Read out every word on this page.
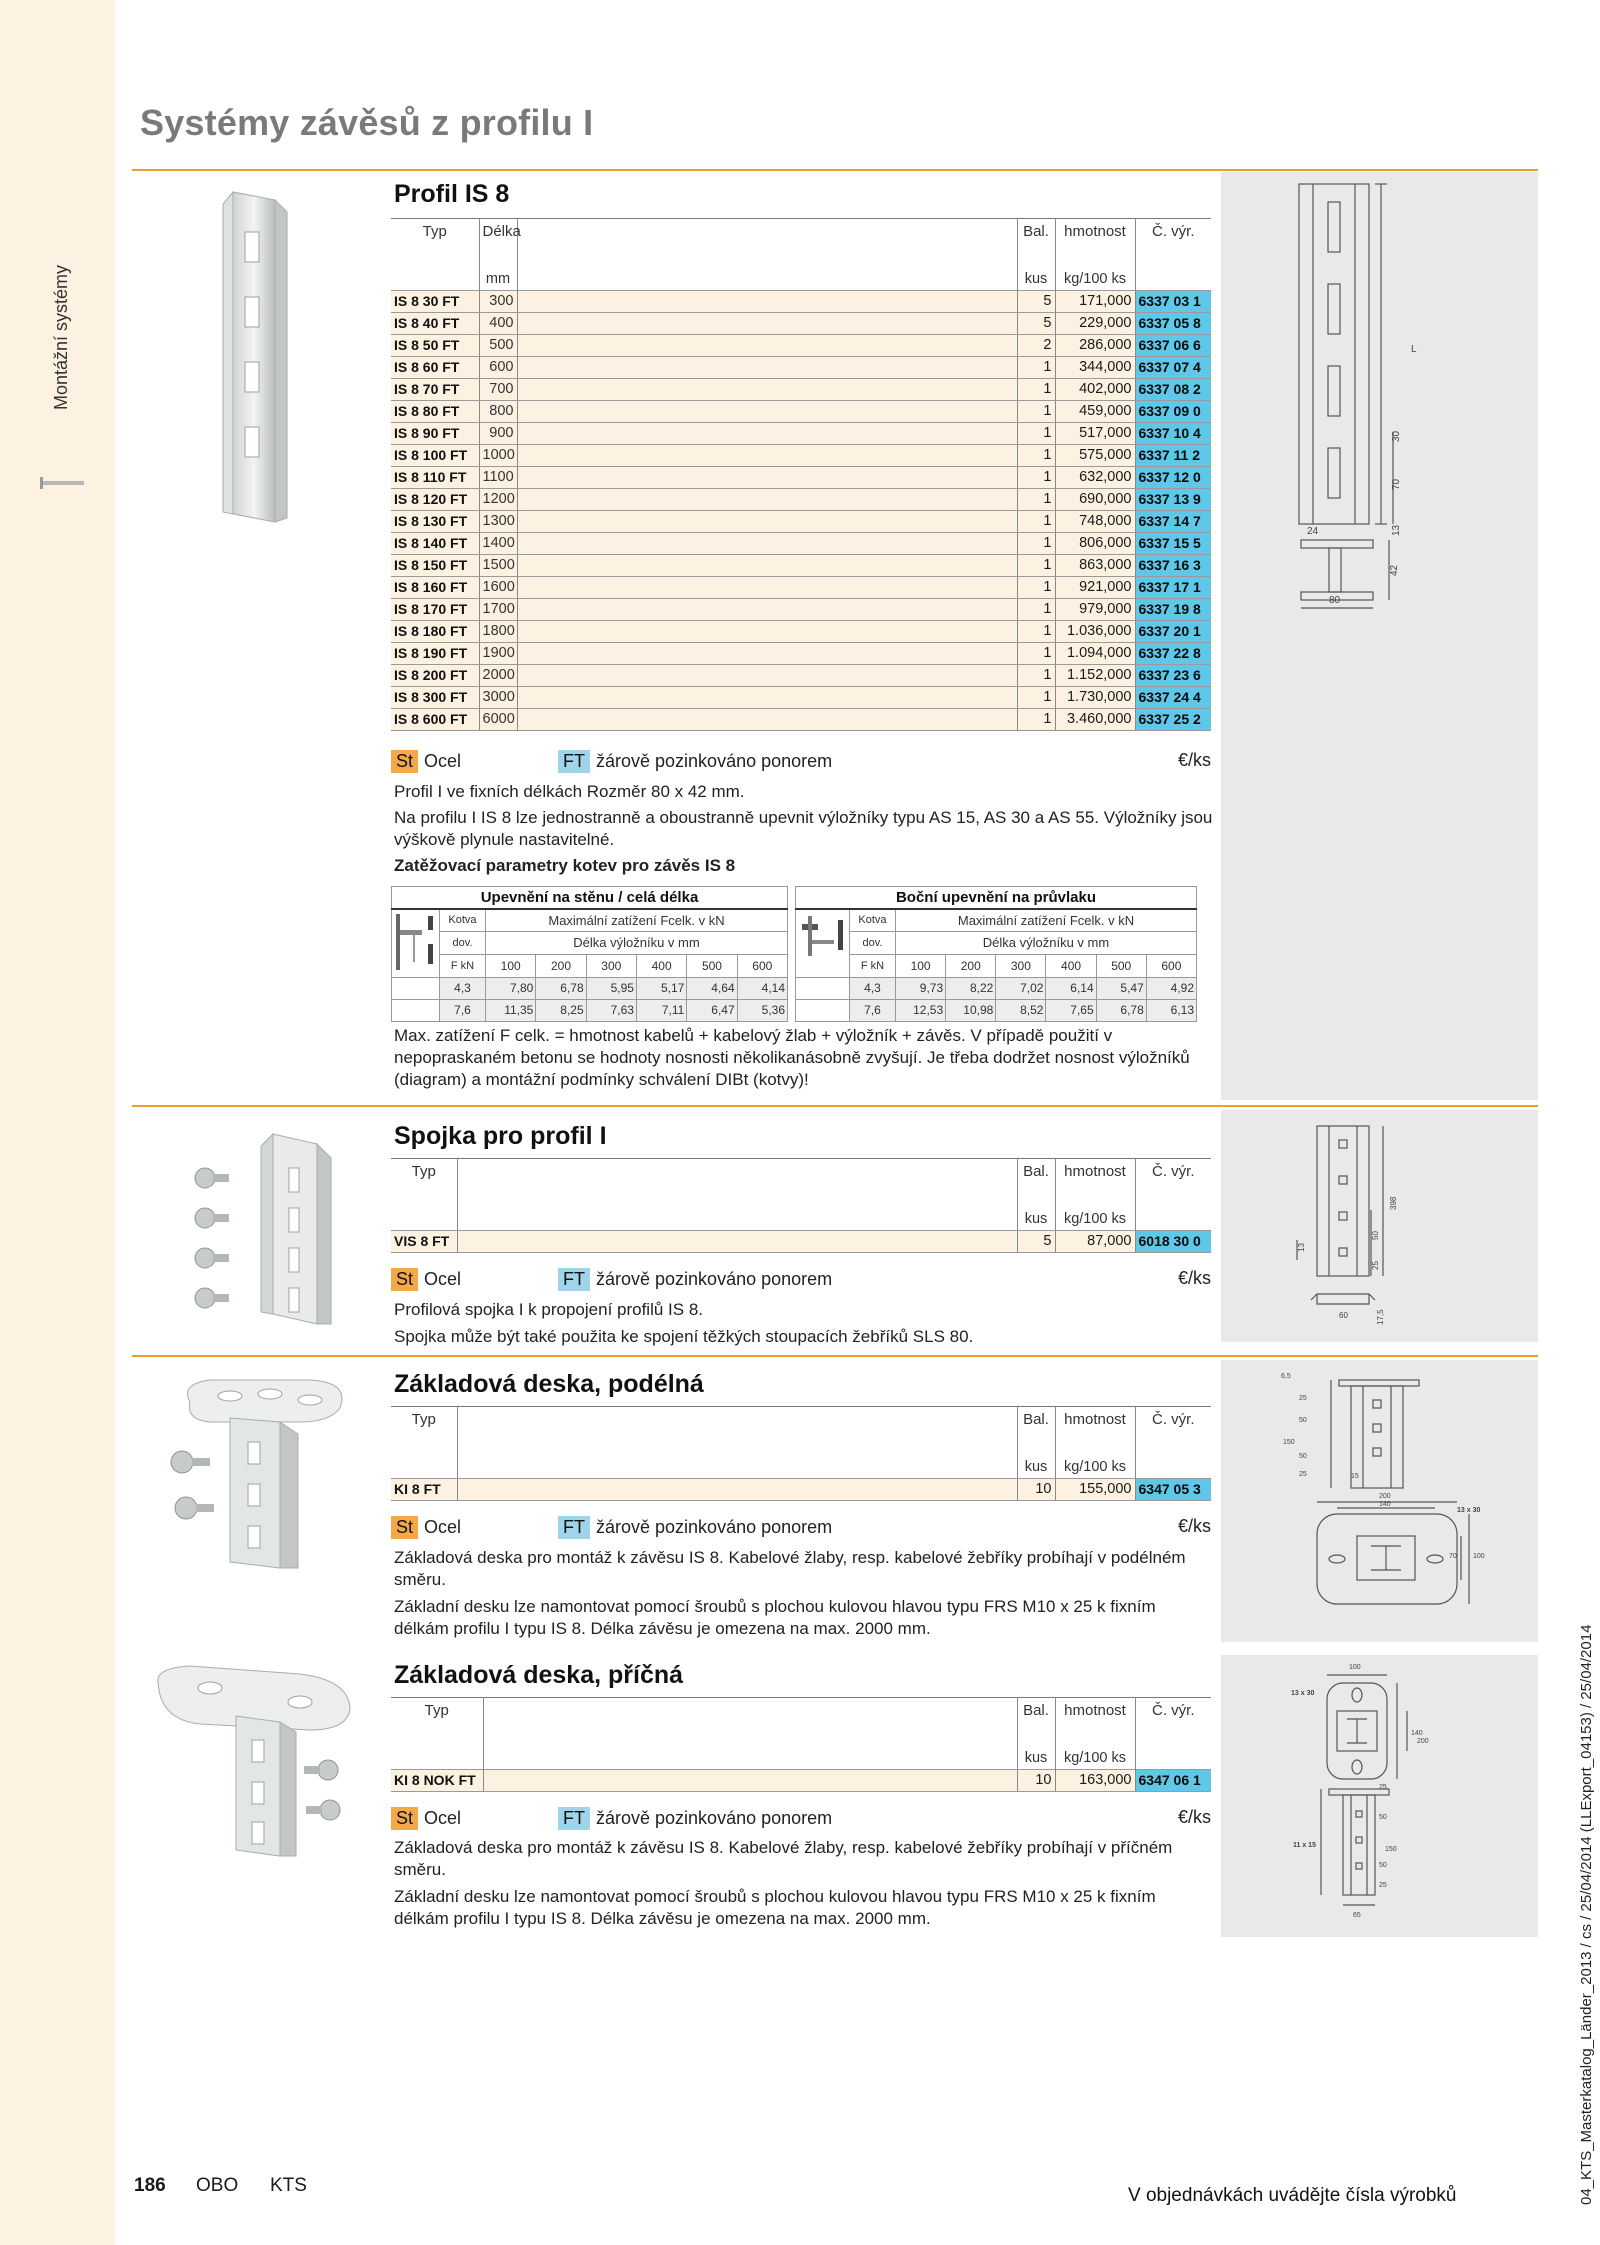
Montážní systémy
Systémy závěsů z profilu I
Profil IS 8
Typ	Délka		Bal.	hmotnost	Č. výr.
	mm		kus	kg/100 ks	
IS 8 30 FT	300		5	171,000	6337 03 1
IS 8 40 FT	400		5	229,000	6337 05 8
IS 8 50 FT	500		2	286,000	6337 06 6
IS 8 60 FT	600		1	344,000	6337 07 4
IS 8 70 FT	700		1	402,000	6337 08 2
IS 8 80 FT	800		1	459,000	6337 09 0
IS 8 90 FT	900		1	517,000	6337 10 4
IS 8 100 FT	1000		1	575,000	6337 11 2
IS 8 110 FT	1100		1	632,000	6337 12 0
IS 8 120 FT	1200		1	690,000	6337 13 9
IS 8 130 FT	1300		1	748,000	6337 14 7
IS 8 140 FT	1400		1	806,000	6337 15 5
IS 8 150 FT	1500		1	863,000	6337 16 3
IS 8 160 FT	1600		1	921,000	6337 17 1
IS 8 170 FT	1700		1	979,000	6337 19 8
IS 8 180 FT	1800		1	1.036,000	6337 20 1
IS 8 190 FT	1900		1	1.094,000	6337 22 8
IS 8 200 FT	2000		1	1.152,000	6337 23 6
IS 8 300 FT	3000		1	1.730,000	6337 24 4
IS 8 600 FT	6000		1	3.460,000	6337 25 2
St Ocel	FT žárově pozinkováno ponorem	€/ks
Profil I ve fixních délkách Rozměr 80 x 42 mm.
Na profilu I IS 8 lze jednostranně a oboustranně upevnit výložníky typu AS 15, AS 30 a AS 55. Výložníky jsou výškově plynule nastavitelné.
Zatěžovací parametry kotev pro závěs IS 8
Upevnění na stěnu / celá délka							
	Kotva	Maximální zatížení Fcelk. v kN					
	dov.	Délka výložníku v mm					
	F kN	100	200	300	400	500	600
	4,3	7,80	6,78	5,95	5,17	4,64	4,14
	7,6	11,35	8,25	7,63	7,11	6,47	5,36
Boční upevnění na průvlaku							
	Kotva	Maximální zatížení Fcelk. v kN					
	dov.	Délka výložníku v mm					
	F kN	100	200	300	400	500	600
	4,3	9,73	8,22	7,02	6,14	5,47	4,92
	7,6	12,53	10,98	8,52	7,65	6,78	6,13
Max. zatížení F celk. = hmotnost kabelů + kabelový žlab + výložník + závěs. V případě použití v nepopraskaném betonu se hodnoty nosnosti několikanásobně zvyšují. Je třeba dodržet nosnost výložníků (diagram) a montážní podmínky schválení DIBt (kotvy)!
L
30
70
13
42
24
80
Spojka pro profil I
Typ		Bal.	hmotnost	Č. výr.
		kus	kg/100 ks	
VIS 8 FT		5	87,000	6018 30 0
St Ocel	FT žárově pozinkováno ponorem	€/ks
Profilová spojka I k propojení profilů IS 8.
Spojka může být také použita ke spojení těžkých stoupacích žebříků SLS 80.
398
50
25
13
60	17,5
Základová deska, podélná
Typ		Bal.	hmotnost	Č. výr.
		kus	kg/100 ks	
KI 8 FT		10	155,000	6347 05 3
St Ocel	FT žárově pozinkováno ponorem	€/ks
Základová deska pro montáž k závěsu IS 8. Kabelové žlaby, resp. kabelové žebříky probíhají v podélném směru.
Základní desku lze namontovat pomocí šroubů s plochou kulovou hlavou typu FRS M10 x 25 k fixním délkám profilu I typu IS 8. Délka závěsu je omezena na max. 2000 mm.
6,5
25
50
150
50
25	15
200
140
13 x 30
70 100
Základová deska, příčná
Typ		Bal.	hmotnost	Č. výr.
		kus	kg/100 ks	
KI 8 NOK FT		10	163,000	6347 06 1
St Ocel	FT žárově pozinkováno ponorem	€/ks
Základová deska pro montáž k závěsu IS 8. Kabelové žlaby, resp. kabelové žebříky probíhají v příčném směru.
Základní desku lze namontovat pomocí šroubů s plochou kulovou hlavou typu FRS M10 x 25 k fixním délkám profilu I typu IS 8. Délka závěsu je omezena na max. 2000 mm.
100
13 x 30
140
200
25
50
150
50
25
11 x 15
65
186 OBO KTS	V objednávkách uvádějte čísla výrobků	04_KTS_Masterkatalog_Länder_2013 / cs / 25/04/2014 (LLExport_04153) / 25/04/2014
